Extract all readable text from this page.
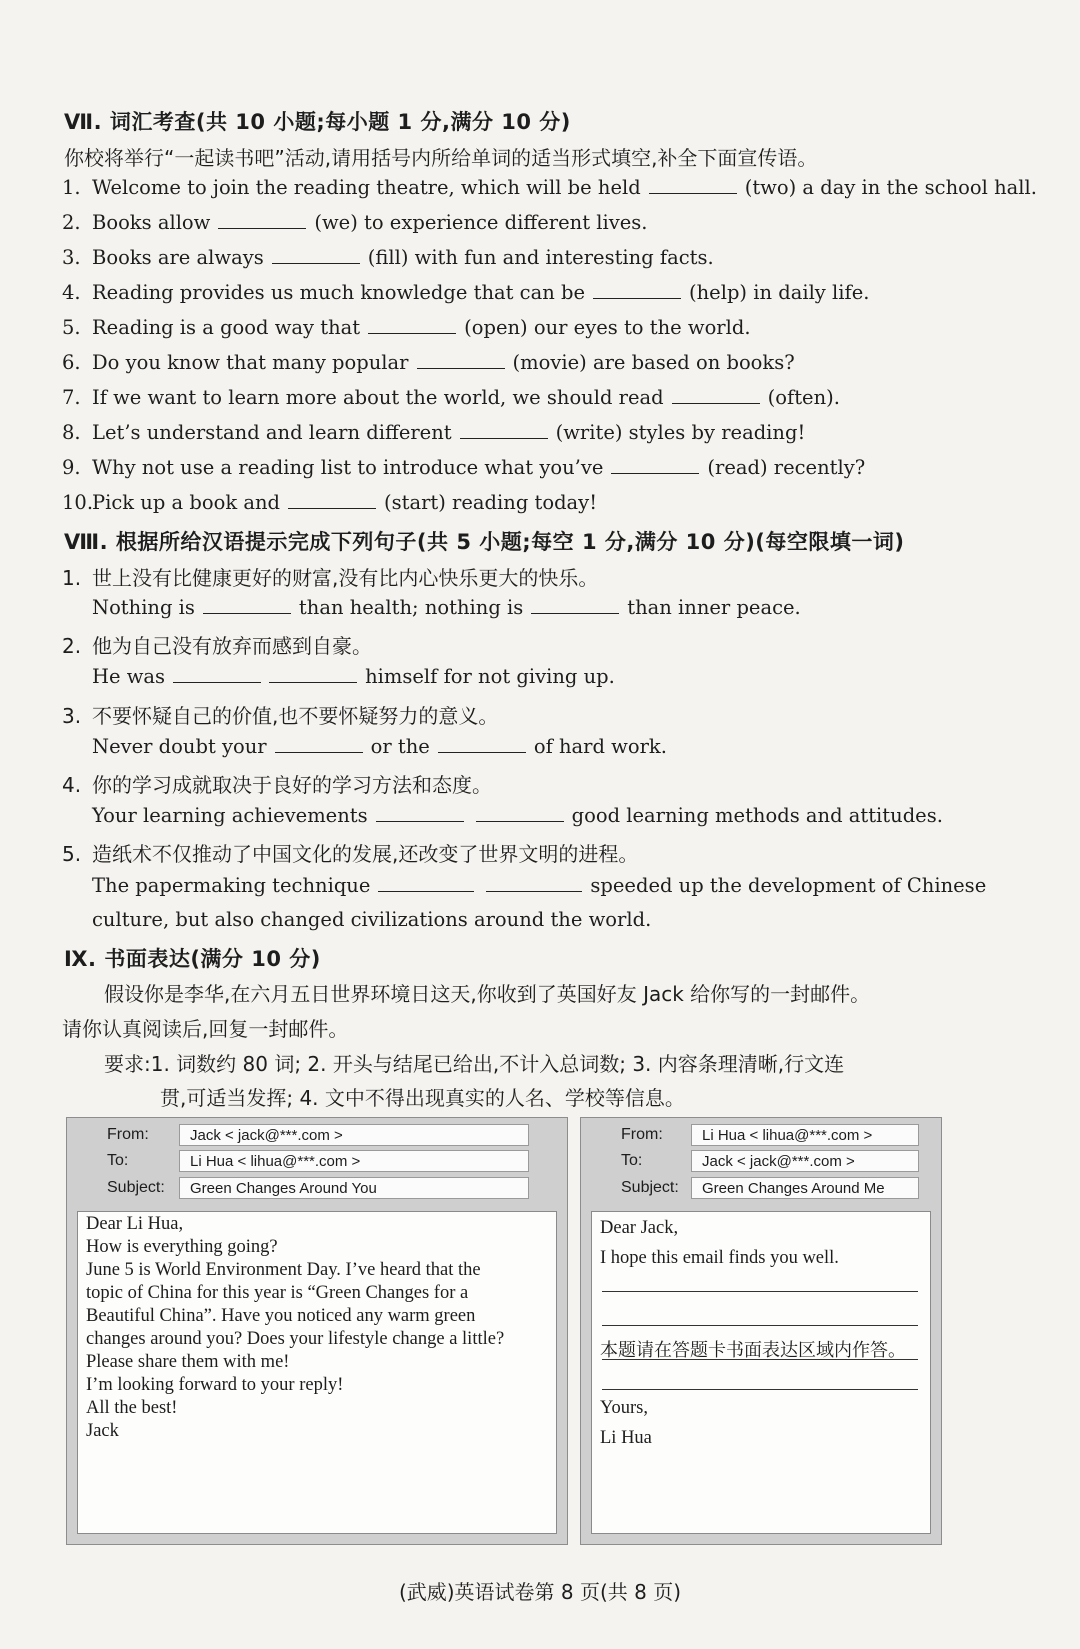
Ⅶ. 词汇考查(共 10 小题;每小题 1 分,满分 10 分)
你校将举行“一起读书吧”活动,请用括号内所给单词的适当形式填空,补全下面宣传语。
1. Welcome to join the reading theatre, which will be held	(two) a day in the school hall.
2. Books allow	(we) to experience different lives.
3. Books are always	(fill) with fun and interesting facts.
4. Reading provides us much knowledge that can be	(help) in daily life.
5. Reading is a good way that	(open) our eyes to the world.
6. Do you know that many popular	(movie) are based on books?
7. If we want to learn more about the world, we should read	(often).
8. Let’s understand and learn different	(write) styles by reading!
9. Why not use a reading list to introduce what you’ve	(read) recently?
10.Pick up a book and	(start) reading today!
Ⅷ. 根据所给汉语提示完成下列句子(共 5 小题;每空 1 分,满分 10 分)(每空限填一词)
1. 世上没有比健康更好的财富,没有比内心快乐更大的快乐。
Nothing is	than health; nothing is	than inner peace.
2. 他为自己没有放弃而感到自豪。
He was	himself for not giving up.
3. 不要怀疑自己的价值,也不要怀疑努力的意义。
Never doubt your	or the	of hard work.
4. 你的学习成就取决于良好的学习方法和态度。
Your learning achievements	good learning methods and attitudes.
5. 造纸术不仅推动了中国文化的发展,还改变了世界文明的进程。
The papermaking technique	speeded up the development of Chinese
culture, but also changed civilizations around the world.
Ⅸ. 书面表达(满分 10 分)
假设你是李华,在六月五日世界环境日这天,你收到了英国好友 Jack 给你写的一封邮件。
请你认真阅读后,回复一封邮件。
要求:1. 词数约 80 词; 2. 开头与结尾已给出,不计入总词数; 3. 内容条理清晰,行文连
贯,可适当发挥; 4. 文中不得出现真实的人名、学校等信息。
From:	Jack < jack@***.com >
To:	Li Hua < lihua@***.com >
Subject:	Green Changes Around You
Dear Li Hua,
How is everything going?
June 5 is World Environment Day. I’ve heard that the
topic of China for this year is “Green Changes for a
Beautiful China”. Have you noticed any warm green
changes around you? Does your lifestyle change a little?
Please share them with me!
I’m looking forward to your reply!
All the best!
Jack
From:	Li Hua < lihua@***.com >
To:	Jack < jack@***.com >
Subject:	Green Changes Around Me
Dear Jack,
I hope this email finds you well.
本题请在答题卡书面表达区域内作答。
Yours,
Li Hua
(武威)英语试卷第 8 页(共 8 页)
